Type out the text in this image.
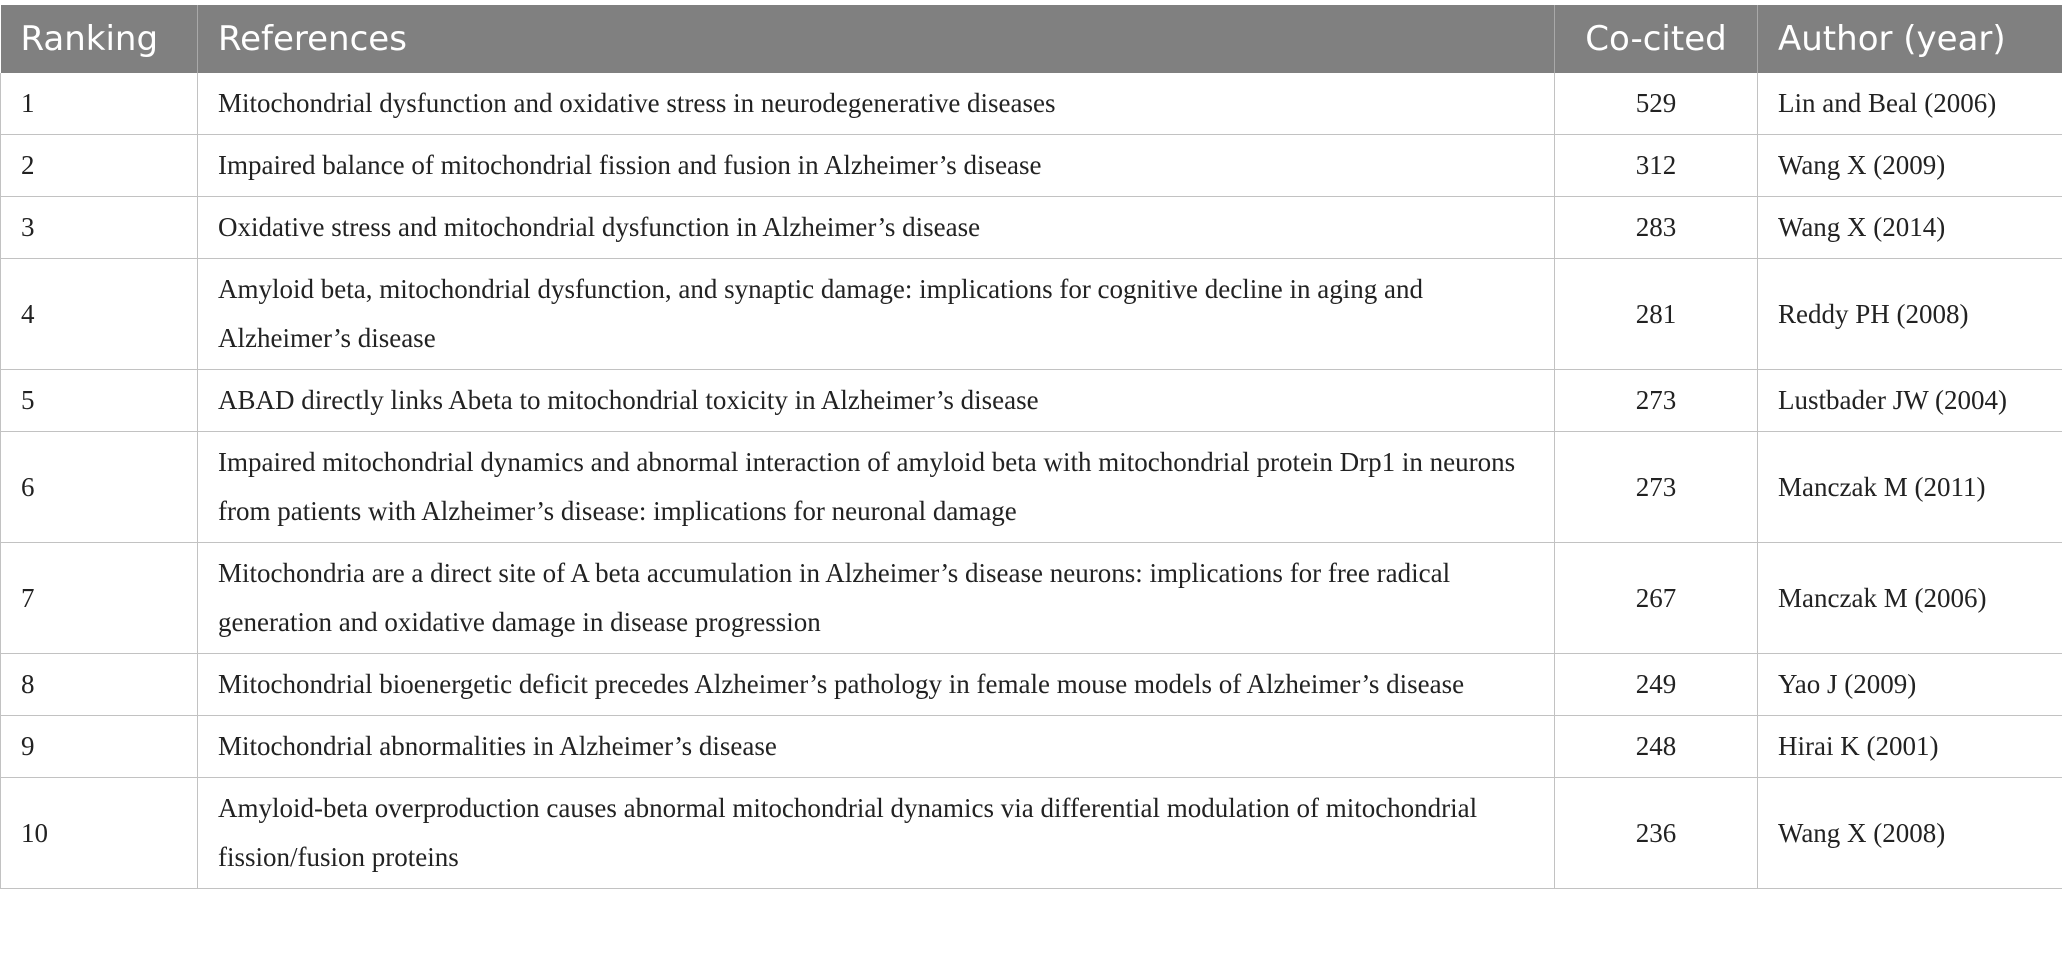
Ranking	References	Co-cited	Author (year)
1	Mitochondrial dysfunction and oxidative stress in neurodegenerative diseases	529	Lin and Beal (2006)
2	Impaired balance of mitochondrial fission and fusion in Alzheimer’s disease	312	Wang X (2009)
3	Oxidative stress and mitochondrial dysfunction in Alzheimer’s disease	283	Wang X (2014)
4	Amyloid beta, mitochondrial dysfunction, and synaptic damage: implications for cognitive decline in aging and Alzheimer’s disease	281	Reddy PH (2008)
5	ABAD directly links Abeta to mitochondrial toxicity in Alzheimer’s disease	273	Lustbader JW (2004)
6	Impaired mitochondrial dynamics and abnormal interaction of amyloid beta with mitochondrial protein Drp1 in neurons from patients with Alzheimer’s disease: implications for neuronal damage	273	Manczak M (2011)
7	Mitochondria are a direct site of A beta accumulation in Alzheimer’s disease neurons: implications for free radical generation and oxidative damage in disease progression	267	Manczak M (2006)
8	Mitochondrial bioenergetic deficit precedes Alzheimer’s pathology in female mouse models of Alzheimer’s disease	249	Yao J (2009)
9	Mitochondrial abnormalities in Alzheimer’s disease	248	Hirai K (2001)
10	Amyloid-beta overproduction causes abnormal mitochondrial dynamics via differential modulation of mitochondrial fission/fusion proteins	236	Wang X (2008)
